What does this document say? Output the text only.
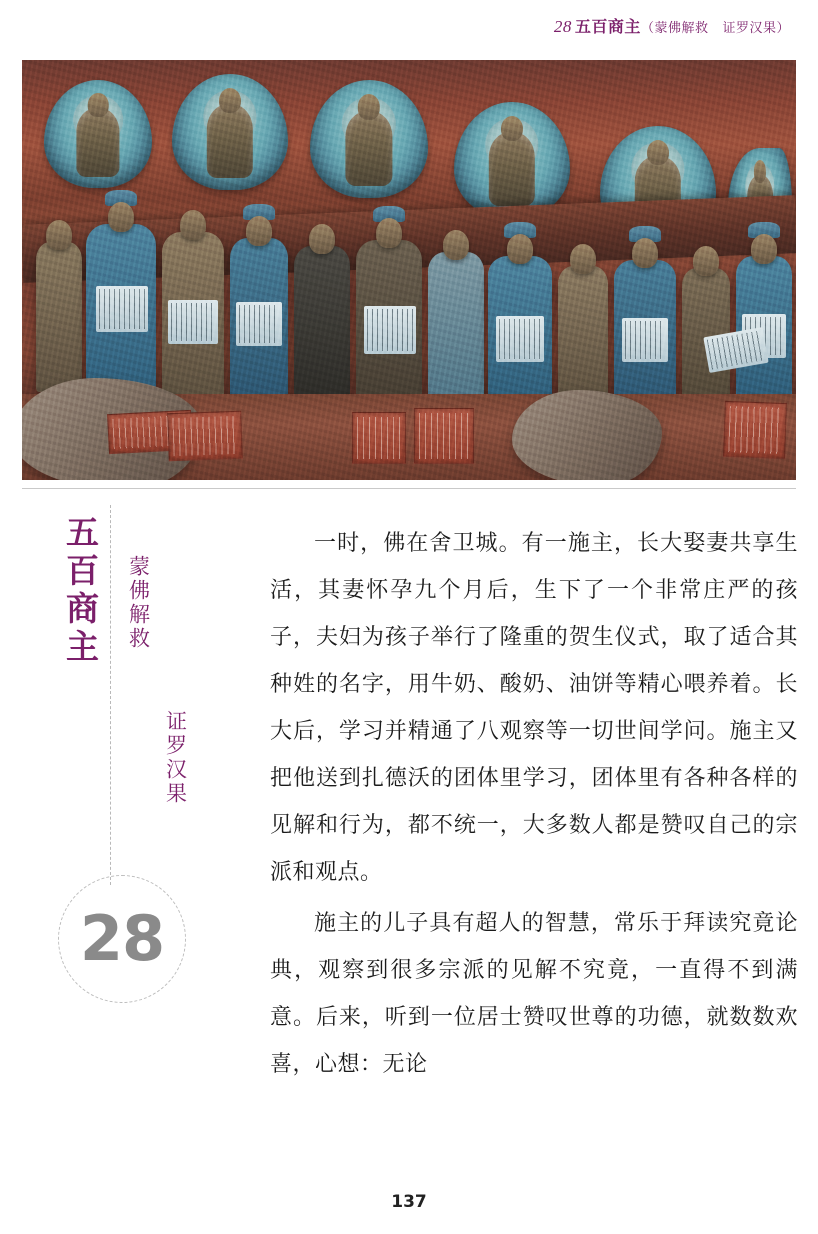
28 五百商主（蒙佛解救 证罗汉果）
五百商主 蒙佛解救
证罗汉果
28

一时，佛在舍卫城。有一施主，长大娶妻共享生活，其妻怀孕九个月后，生下了一个非常庄严的孩子，夫妇为孩子举行了隆重的贺生仪式，取了适合其种姓的名字，用牛奶、酸奶、油饼等精心喂养着。长大后，学习并精通了八观察等一切世间学问。施主又把他送到扎德沃的团体里学习，团体里有各种各样的见解和行为，都不统一，大多数人都是赞叹自己的宗派和观点。

施主的儿子具有超人的智慧，常乐于拜读究竟论典，观察到很多宗派的见解不究竟，一直得不到满意。后来，听到一位居士赞叹世尊的功德，就数数欢喜，心想：无论

137
